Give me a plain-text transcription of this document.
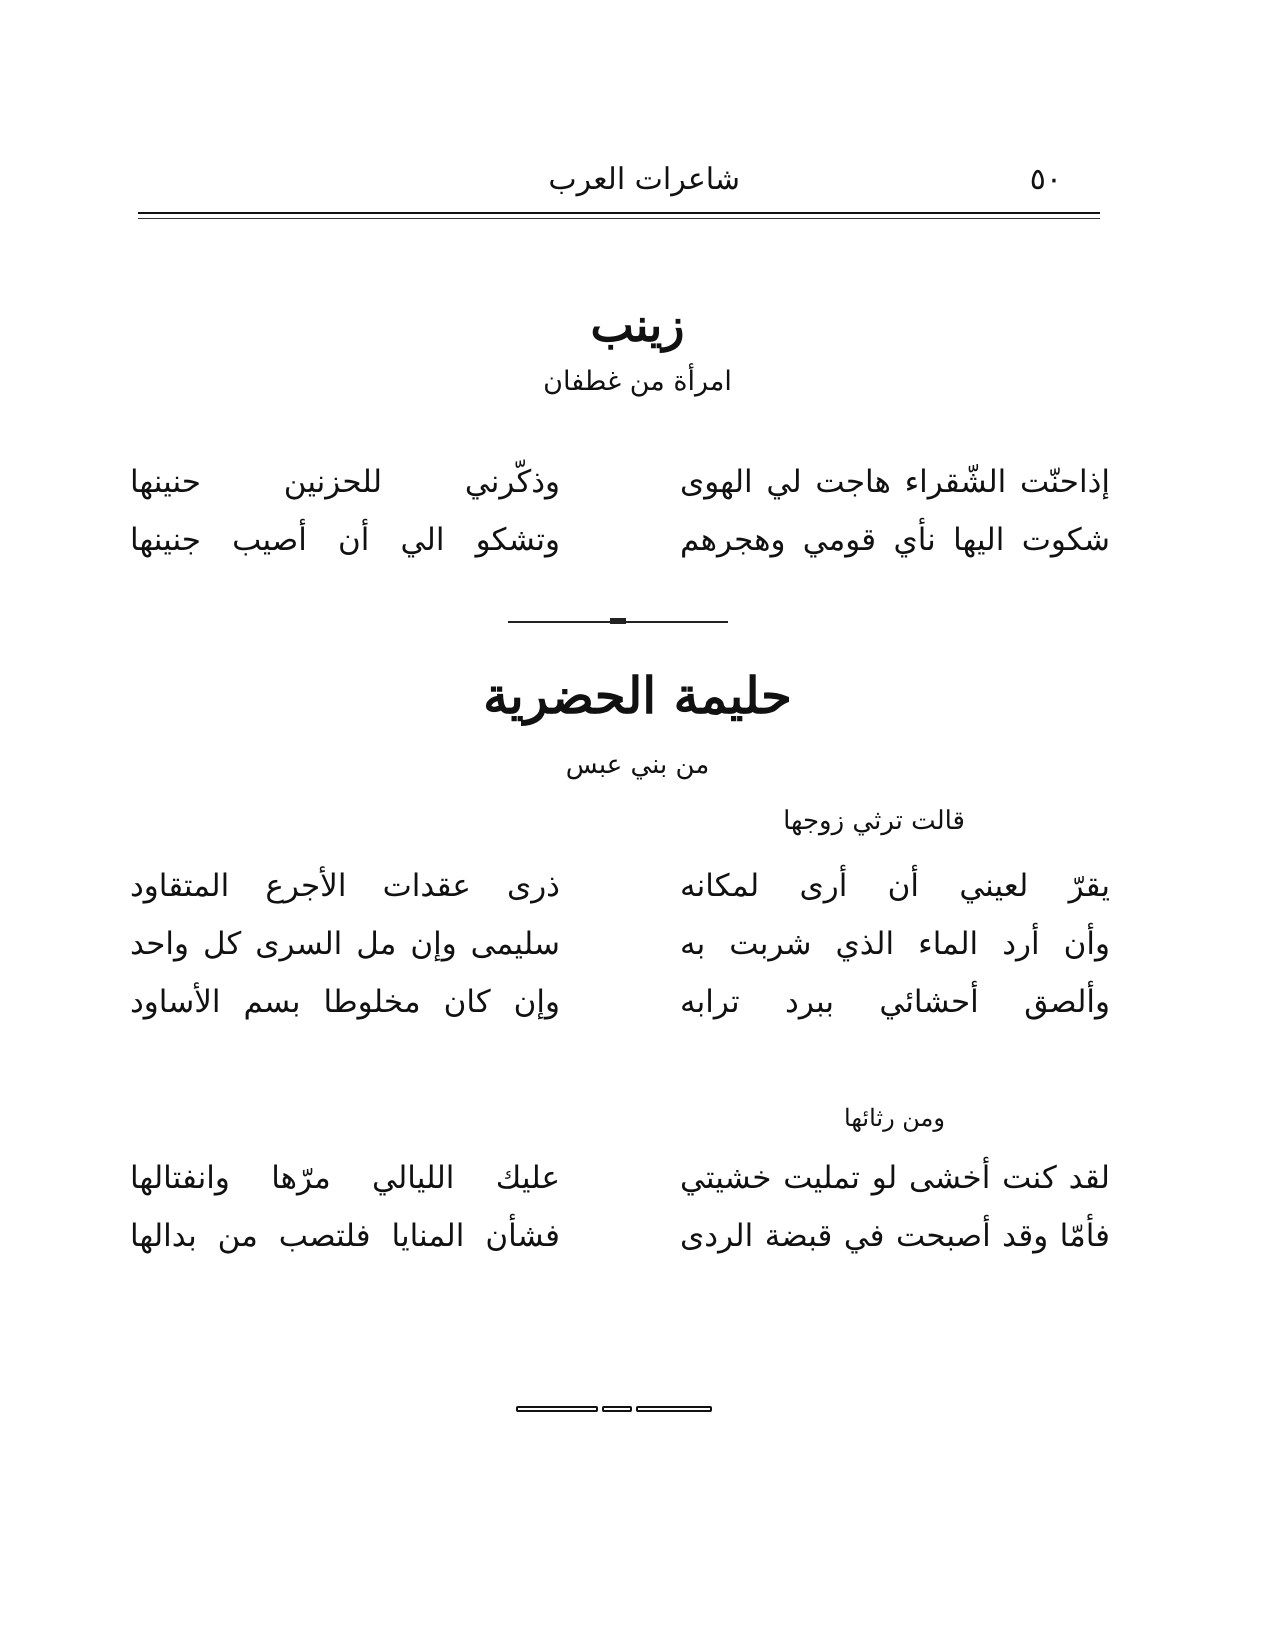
شاعرات العرب	٥٠
زينب
امرأة من غطفان
إذاحنّت الشّقراء هاجت لي الهوى
وذكّرني للحزنين حنينها
شكوت اليها نأي قومي وهجرهم
وتشكو الي أن أصيب جنينها
حليمة الحضرية
من بني عبس
قالت ترثي زوجها
يقرّ لعيني أن أرى لمكانه
ذرى عقدات الأجرع المتقاود
وأن أرد الماء الذي شربت به
سليمى وإن مل السرى كل واحد
وألصق أحشائي ببرد ترابه
وإن كان مخلوطا بسم الأساود
ومن رثائها
لقد كنت أخشى لو تمليت خشيتي
عليك الليالي مرّها وانفتالها
فأمّا وقد أصبحت في قبضة الردى
فشأن المنايا فلتصب من بدالها
